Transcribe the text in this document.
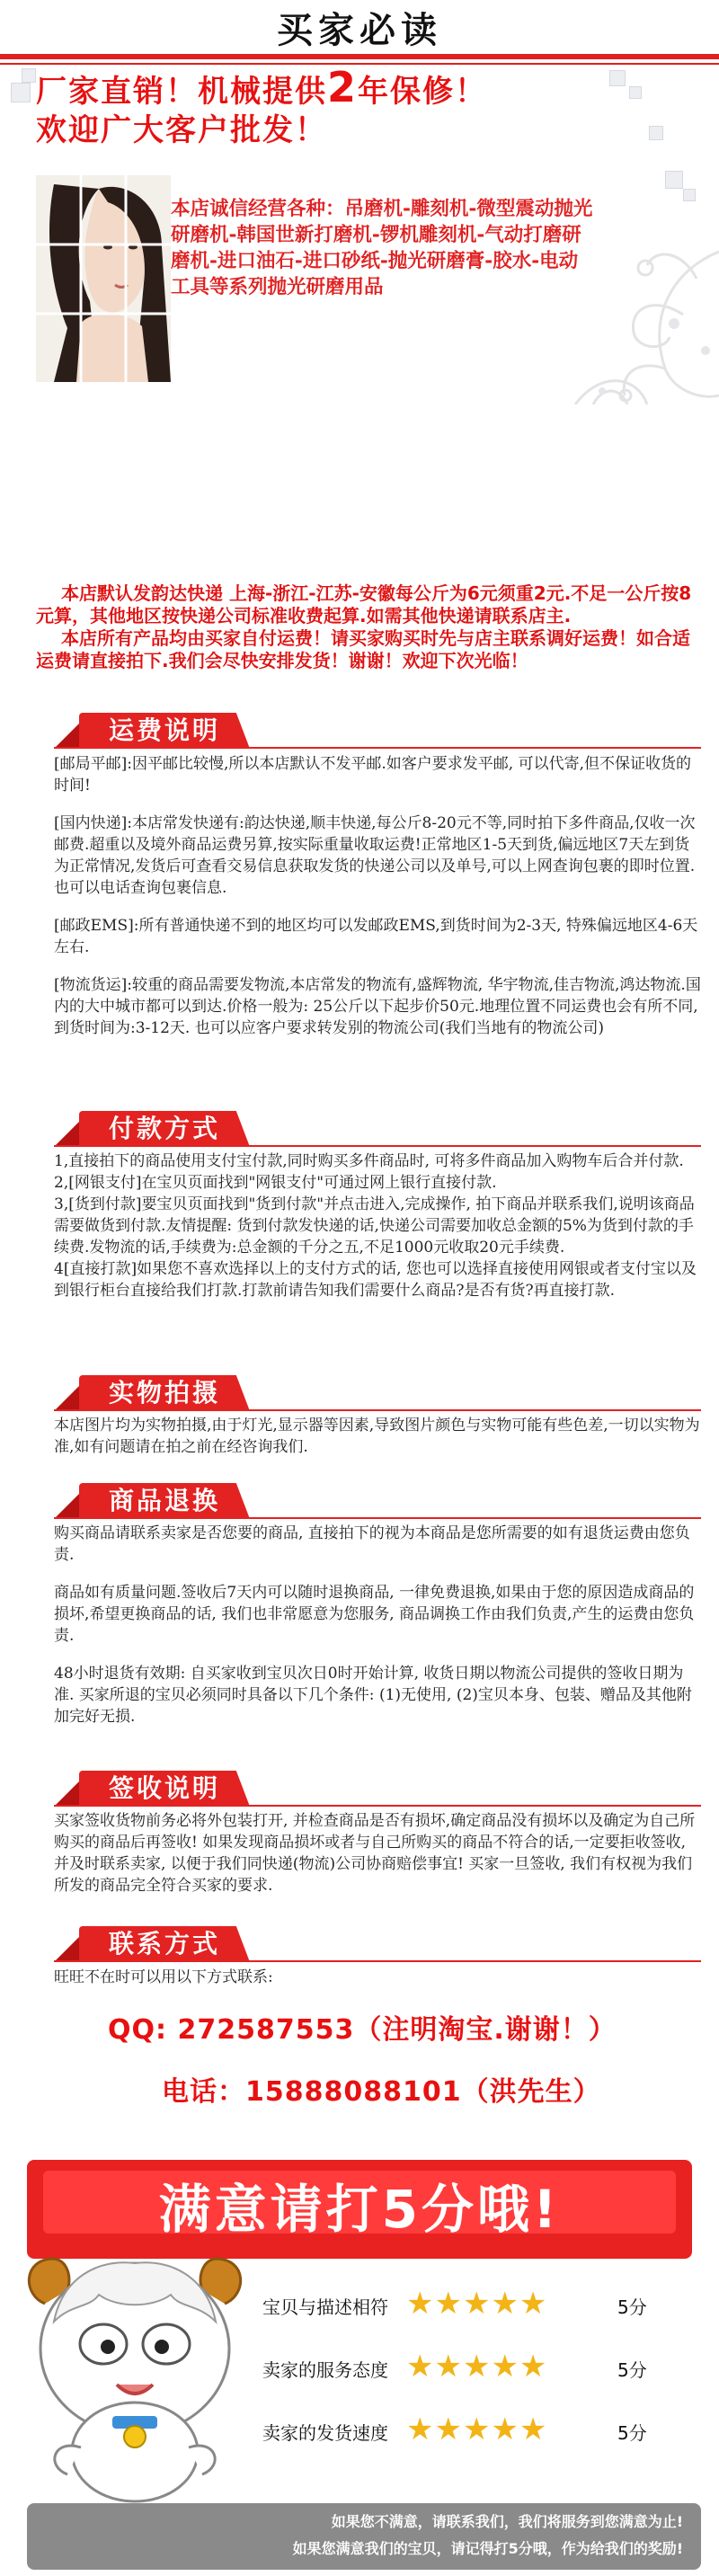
买家必读
厂家直销！机械提供2年保修！
欢迎广大客户批发！
本店诚信经营各种：吊磨机-雕刻机-微型震动抛光研磨机-韩国世新打磨机-锣机雕刻机-气动打磨研磨机-进口油石-进口砂纸-抛光研磨膏-胶水-电动工具等系列抛光研磨用品

本店默认发韵达快递 上海-浙江-江苏-安徽每公斤为6元须重2元.不足一公斤按8元算，其他地区按快递公司标准收费起算.如需其他快递请联系店主.

本店所有产品均由买家自付运费！请买家购买时先与店主联系调好运费！如合适运费请直接拍下.我们会尽快安排发货！谢谢！欢迎下次光临！

运费说明

[邮局平邮]:因平邮比较慢,所以本店默认不发平邮.如客户要求发平邮, 可以代寄,但不保证收货的时间!

[国内快递]:本店常发快递有:韵达快递,顺丰快递,每公斤8-20元不等,同时拍下多件商品,仅收一次邮费.超重以及境外商品运费另算,按实际重量收取运费!正常地区1-5天到货,偏远地区7天左到货为正常情况,发货后可查看交易信息获取发货的快递公司以及单号,可以上网查询包裹的即时位置. 也可以电话查询包裹信息.

[邮政EMS]:所有普通快递不到的地区均可以发邮政EMS,到货时间为2-3天, 特殊偏远地区4-6天左右.

[物流货运]:较重的商品需要发物流,本店常发的物流有,盛辉物流, 华宇物流,佳吉物流,鸿达物流.国内的大中城市都可以到达.价格一般为: 25公斤以下起步价50元.地理位置不同运费也会有所不同,到货时间为:3-12天. 也可以应客户要求转发别的物流公司(我们当地有的物流公司)

付款方式

1,直接拍下的商品使用支付宝付款,同时购买多件商品时, 可将多件商品加入购物车后合并付款.

2,[网银支付]在宝贝页面找到"网银支付"可通过网上银行直接付款.

3,[货到付款]要宝贝页面找到"货到付款"并点击进入,完成操作, 拍下商品并联系我们,说明该商品需要做货到付款.友情提醒: 货到付款发快递的话,快递公司需要加收总金额的5%为货到付款的手续费.发物流的话,手续费为:总金额的千分之五,不足1000元收取20元手续费.

4[直接打款]如果您不喜欢选择以上的支付方式的话, 您也可以选择直接使用网银或者支付宝以及到银行柜台直接给我们打款.打款前请告知我们需要什么商品?是否有货?再直接打款.

实物拍摄

本店图片均为实物拍摄,由于灯光,显示器等因素,导致图片颜色与实物可能有些色差,一切以实物为准,如有问题请在拍之前在经咨询我们.

商品退换

购买商品请联系卖家是否您要的商品, 直接拍下的视为本商品是您所需要的如有退货运费由您负责.

商品如有质量问题.签收后7天内可以随时退换商品, 一律免费退换,如果由于您的原因造成商品的损坏,希望更换商品的话, 我们也非常愿意为您服务, 商品调换工作由我们负责,产生的运费由您负责.

48小时退货有效期: 自买家收到宝贝次日0时开始计算, 收货日期以物流公司提供的签收日期为准. 买家所退的宝贝必须同时具备以下几个条件: (1)无使用, (2)宝贝本身、包装、赠品及其他附加完好无损.

签收说明

买家签收货物前务必将外包装打开, 并检查商品是否有损坏,确定商品没有损坏以及确定为自己所购买的商品后再签收! 如果发现商品损坏或者与自己所购买的商品不符合的话,一定要拒收签收, 并及时联系卖家, 以便于我们同快递(物流)公司协商赔偿事宜! 买家一旦签收, 我们有权视为我们所发的商品完全符合买家的要求.

联系方式

旺旺不在时可以用以下方式联系:

QQ: 272587553（注明淘宝.谢谢！）
电话：15888088101（洪先生）
满意请打5分哦!
宝贝与描述相符 ★★★★★	5分
卖家的服务态度 ★★★★★	5分
卖家的发货速度 ★★★★★	5分
如果您不满意，请联系我们，我们将服务到您满意为止!
如果您满意我们的宝贝，请记得打5分哦，作为给我们的奖励!
